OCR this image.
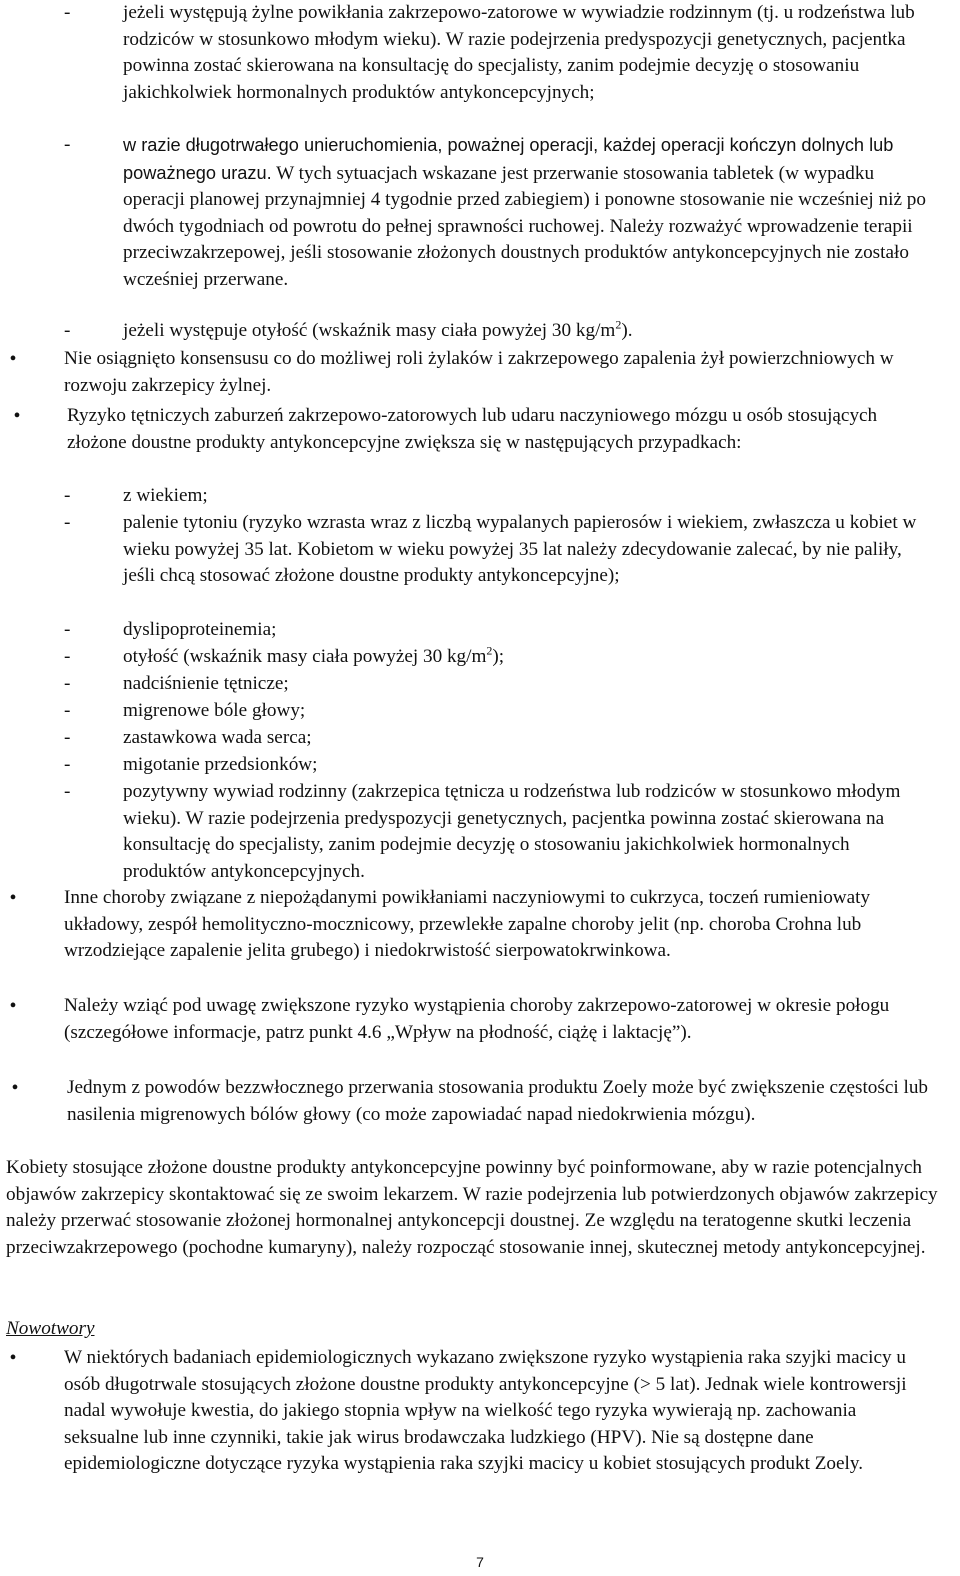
-	jeżeli występują żylne powikłania zakrzepowo-zatorowe w wywiadzie rodzinnym (tj. u rodzeństwa lub rodziców w stosunkowo młodym wieku). W razie podejrzenia predyspozycji genetycznych, pacjentka powinna zostać skierowana na konsultację do specjalisty, zanim podejmie decyzję o stosowaniu jakichkolwiek hormonalnych produktów antykoncepcyjnych;
-	w razie długotrwałego unieruchomienia, poważnej operacji, każdej operacji kończyn dolnych lub poważnego urazu. W tych sytuacjach wskazane jest przerwanie stosowania tabletek (w wypadku operacji planowej przynajmniej 4 tygodnie przed zabiegiem) i ponowne stosowanie nie wcześniej niż po dwóch tygodniach od powrotu do pełnej sprawności ruchowej. Należy rozważyć wprowadzenie terapii przeciwzakrzepowej, jeśli stosowanie złożonych doustnych produktów antykoncepcyjnych nie zostało wcześniej przerwane.
-	jeżeli występuje otyłość (wskaźnik masy ciała powyżej 30 $kg/m^2$).
• Nie osiągnięto konsensusu co do możliwej roli żylaków i zakrzepowego zapalenia żył powierzchniowych w rozwoju zakrzepicy żylnej.
• Ryzyko tętniczych zaburzeń zakrzepowo-zatorowych lub udaru naczyniowego mózgu u osób stosujących złożone doustne produkty antykoncepcyjne zwiększa się w następujących przypadkach:
-	z wiekiem;
-	palenie tytoniu (ryzyko wzrasta wraz z liczbą wypalanych papierosów i wiekiem, zwłaszcza u kobiet w wieku powyżej 35 lat. Kobietom w wieku powyżej 35 lat należy zdecydowanie zalecać, by nie paliły, jeśli chcą stosować złożone doustne produkty antykoncepcyjne);
-	dyslipoproteinemia;
-	otyłość (wskaźnik masy ciała powyżej 30 $kg/m^2$);
-	nadciśnienie tętnicze;
-	migrenowe bóle głowy;
-	zastawkowa wada serca;
-	migotanie przedsionków;
-	pozytywny wywiad rodzinny (zakrzepica tętnicza u rodzeństwa lub rodziców w stosunkowo młodym wieku). W razie podejrzenia predyspozycji genetycznych, pacjentka powinna zostać skierowana na konsultację do specjalisty, zanim podejmie decyzję o stosowaniu jakichkolwiek hormonalnych produktów antykoncepcyjnych.
• Inne choroby związane z niepożądanymi powikłaniami naczyniowymi to cukrzyca, toczeń rumieniowaty układowy, zespół hemolityczno-mocznicowy, przewlekłe zapalne choroby jelit (np. choroba Crohna lub wrzodziejące zapalenie jelita grubego) i niedokrwistość sierpowatokrwinkowa.
• Należy wziąć pod uwagę zwiększone ryzyko wystąpienia choroby zakrzepowo-zatorowej w okresie połogu (szczegółowe informacje, patrz punkt 4.6 „Wpływ na płodność, ciążę i laktację”).
•	Jednym z powodów bezzwłocznego przerwania stosowania produktu Zoely może być zwiększenie częstości lub nasilenia migrenowych bólów głowy (co może zapowiadać napad niedokrwienia mózgu).
Kobiety stosujące złożone doustne produkty antykoncepcyjne powinny być poinformowane, aby w razie potencjalnych objawów zakrzepicy skontaktować się ze swoim lekarzem. W razie podejrzenia lub potwierdzonych objawów zakrzepicy należy przerwać stosowanie złożonej hormonalnej antykoncepcji doustnej. Ze względu na teratogenne skutki leczenia przeciwzakrzepowego (pochodne kumaryny), należy rozpocząć stosowanie innej, skutecznej metody antykoncepcyjnej.
Nowotwory
• W niektórych badaniach epidemiologicznych wykazano zwiększone ryzyko wystąpienia raka szyjki macicy u osób długotrwale stosujących złożone doustne produkty antykoncepcyjne (> 5 lat). Jednak wiele kontrowersji nadal wywołuje kwestia, do jakiego stopnia wpływ na wielkość tego ryzyka wywierają np. zachowania seksualne lub inne czynniki, takie jak wirus brodawczaka ludzkiego (HPV). Nie są dostępne dane epidemiologiczne dotyczące ryzyka wystąpienia raka szyjki macicy u kobiet stosujących produkt Zoely.
7
